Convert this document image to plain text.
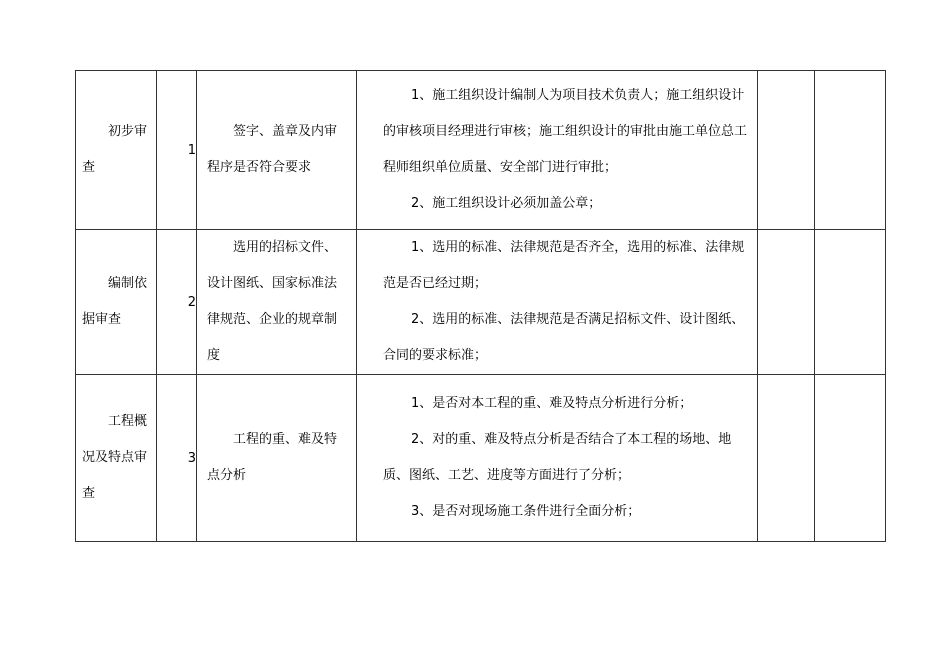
初步审查	1	签字、盖章及内审程序是否符合要求	1、施工组织设计编制人为项目技术负责人；施工组织设计的审核项目经理进行审核；施工组织设计的审批由施工单位总工程师组织单位质量、安全部门进行审批；

2、施工组织设计必须加盖公章；		

编制依据审查	2	选用的招标文件、设计图纸、国家标准法律规范、企业的规章制度	1、选用的标准、法律规范是否齐全，选用的标准、法律规范是否已经过期；

2、选用的标准、法律规范是否满足招标文件、设计图纸、合同的要求标准；		

工程概况及特点审查	3	工程的重、难及特点分析	1、是否对本工程的重、难及特点分析进行分析；

2、对的重、难及特点分析是否结合了本工程的场地、地质、图纸、工艺、进度等方面进行了分析；

3、是否对现场施工条件进行全面分析；		
